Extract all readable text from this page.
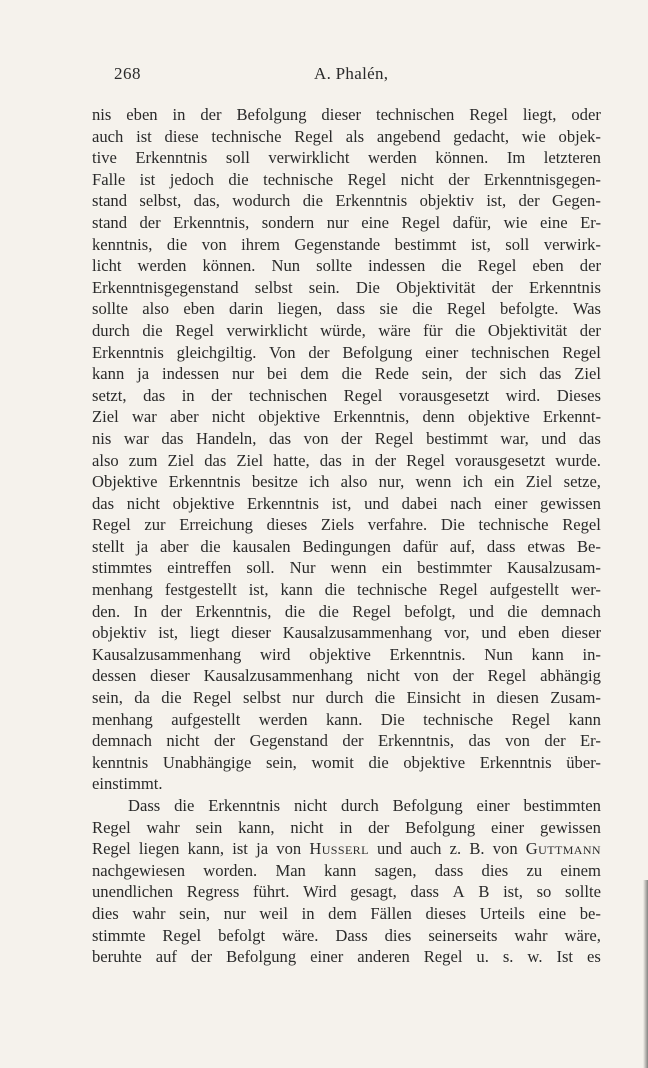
268	A. Phalén,
nis eben in der Befolgung dieser technischen Regel liegt, oder
auch ist diese technische Regel als angebend gedacht, wie objek-
tive Erkenntnis soll verwirklicht werden können. Im letzteren
Falle ist jedoch die technische Regel nicht der Erkenntnisgegen-
stand selbst, das, wodurch die Erkenntnis objektiv ist, der Gegen-
stand der Erkenntnis, sondern nur eine Regel dafür, wie eine Er-
kenntnis, die von ihrem Gegenstande bestimmt ist, soll verwirk-
licht werden können. Nun sollte indessen die Regel eben der
Erkenntnisgegenstand selbst sein. Die Objektivität der Erkenntnis
sollte also eben darin liegen, dass sie die Regel befolgte. Was
durch die Regel verwirklicht würde, wäre für die Objektivität der
Erkenntnis gleichgiltig. Von der Befolgung einer technischen Regel
kann ja indessen nur bei dem die Rede sein, der sich das Ziel
setzt, das in der technischen Regel vorausgesetzt wird. Dieses
Ziel war aber nicht objektive Erkenntnis, denn objektive Erkennt-
nis war das Handeln, das von der Regel bestimmt war, und das
also zum Ziel das Ziel hatte, das in der Regel vorausgesetzt wurde.
Objektive Erkenntnis besitze ich also nur, wenn ich ein Ziel setze,
das nicht objektive Erkenntnis ist, und dabei nach einer gewissen
Regel zur Erreichung dieses Ziels verfahre. Die technische Regel
stellt ja aber die kausalen Bedingungen dafür auf, dass etwas Be-
stimmtes eintreffen soll. Nur wenn ein bestimmter Kausalzusam-
menhang festgestellt ist, kann die technische Regel aufgestellt wer-
den. In der Erkenntnis, die die Regel befolgt, und die demnach
objektiv ist, liegt dieser Kausalzusammenhang vor, und eben dieser
Kausalzusammenhang wird objektive Erkenntnis. Nun kann in-
dessen dieser Kausalzusammenhang nicht von der Regel abhängig
sein, da die Regel selbst nur durch die Einsicht in diesen Zusam-
menhang aufgestellt werden kann. Die technische Regel kann
demnach nicht der Gegenstand der Erkenntnis, das von der Er-
kenntnis Unabhängige sein, womit die objektive Erkenntnis über-
einstimmt.
Dass die Erkenntnis nicht durch Befolgung einer bestimmten
Regel wahr sein kann, nicht in der Befolgung einer gewissen
Regel liegen kann, ist ja von Husserl und auch z. B. von Guttmann
nachgewiesen worden. Man kann sagen, dass dies zu einem
unendlichen Regress führt. Wird gesagt, dass A B ist, so sollte
dies wahr sein, nur weil in dem Fällen dieses Urteils eine be-
stimmte Regel befolgt wäre. Dass dies seinerseits wahr wäre,
beruhte auf der Befolgung einer anderen Regel u. s. w. Ist es
